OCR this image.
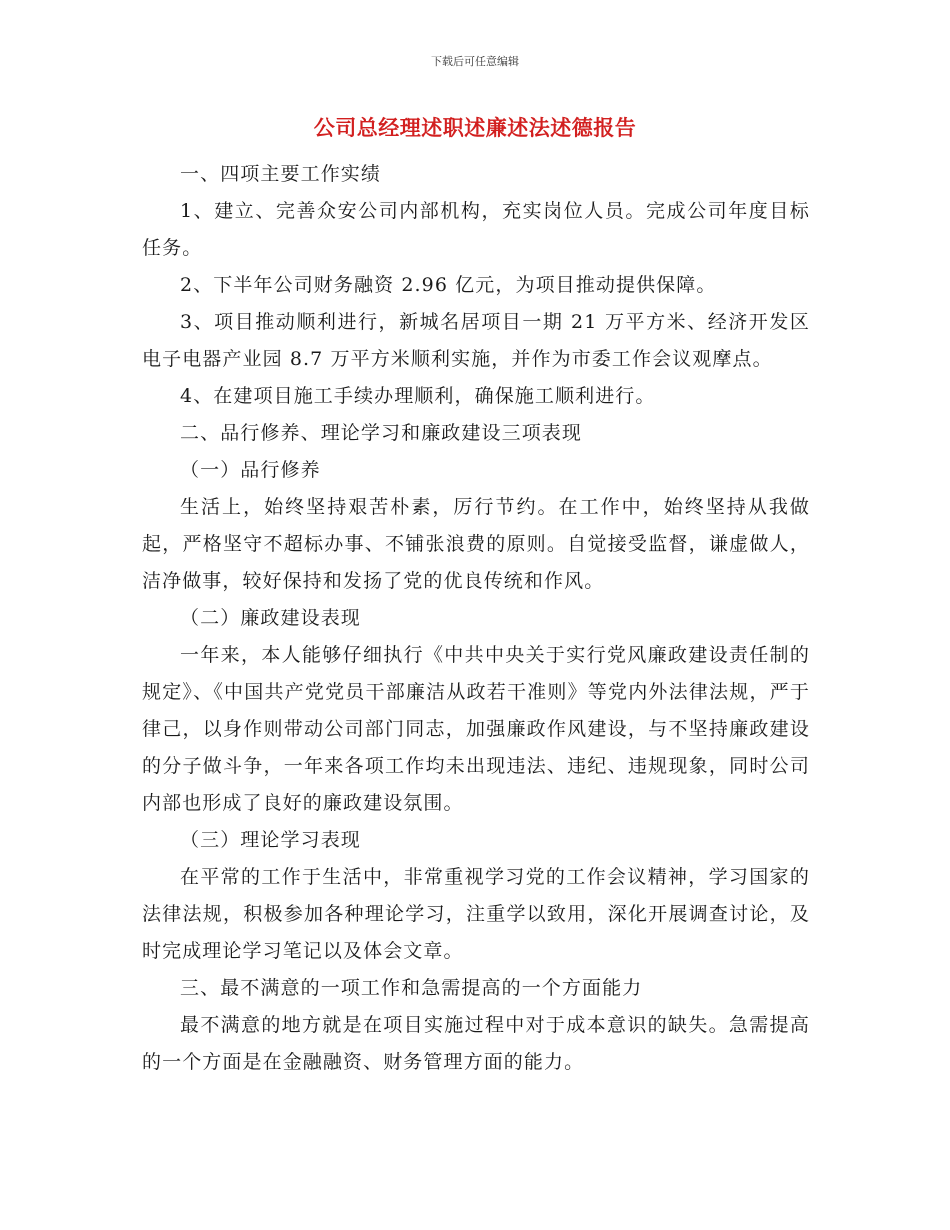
下载后可任意编辑
公司总经理述职述廉述法述德报告

一、四项主要工作实绩

1、建立、完善众安公司内部机构，充实岗位人员。完成公司年度目标任务。

2、下半年公司财务融资 2.96 亿元，为项目推动提供保障。

3、项目推动顺利进行，新城名居项目一期 21 万平方米、经济开发区电子电器产业园 8.7 万平方米顺利实施，并作为市委工作会议观摩点。

4、在建项目施工手续办理顺利，确保施工顺利进行。

二、品行修养、理论学习和廉政建设三项表现

（一）品行修养

生活上，始终坚持艰苦朴素，厉行节约。在工作中，始终坚持从我做起，严格坚守不超标办事、不铺张浪费的原则。自觉接受监督，谦虚做人，洁净做事，较好保持和发扬了党的优良传统和作风。

（二）廉政建设表现

一年来，本人能够仔细执行《中共中央关于实行党风廉政建设责任制的规定》、《中国共产党党员干部廉洁从政若干准则》等党内外法律法规，严于律己，以身作则带动公司部门同志，加强廉政作风建设，与不坚持廉政建设的分子做斗争，一年来各项工作均未出现违法、违纪、违规现象，同时公司内部也形成了良好的廉政建设氛围。

（三）理论学习表现

在平常的工作于生活中，非常重视学习党的工作会议精神，学习国家的法律法规，积极参加各种理论学习，注重学以致用，深化开展调查讨论，及时完成理论学习笔记以及体会文章。

三、最不满意的一项工作和急需提高的一个方面能力

最不满意的地方就是在项目实施过程中对于成本意识的缺失。急需提高的一个方面是在金融融资、财务管理方面的能力。
